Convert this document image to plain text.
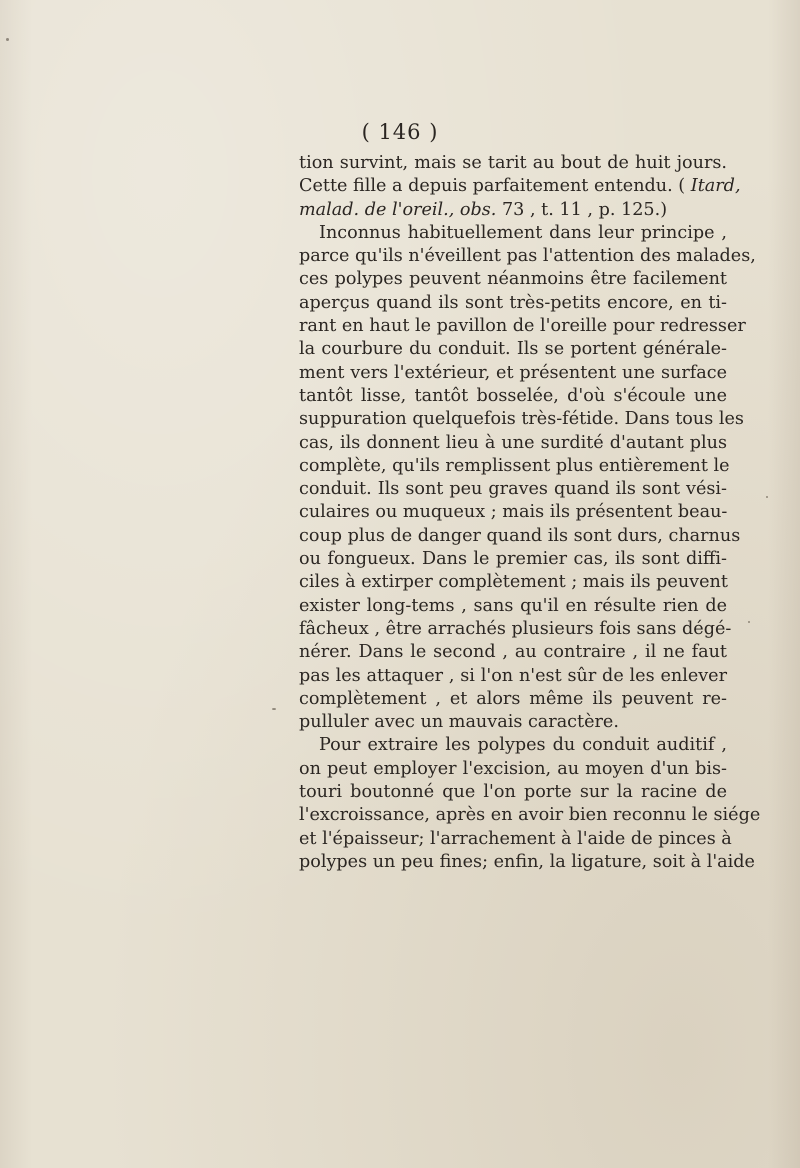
( 146 )
tion survint, mais se tarit au bout de huit jours.
Cette fille a depuis parfaitement entendu. ( Itard,
malad. de l'oreil., obs. 73 , t. 11 , p. 125.)
Inconnus habituellement dans leur principe ,
parce qu'ils n'éveillent pas l'attention des malades,
ces polypes peuvent néanmoins être facilement
aperçus quand ils sont très-petits encore, en ti-
rant en haut le pavillon de l'oreille pour redresser
la courbure du conduit. Ils se portent générale-
ment vers l'extérieur, et présentent une surface
tantôt lisse, tantôt bosselée, d'où s'écoule une
suppuration quelquefois très-fétide. Dans tous les
cas, ils donnent lieu à une surdité d'autant plus
complète, qu'ils remplissent plus entièrement le
conduit. Ils sont peu graves quand ils sont vési-
culaires ou muqueux ; mais ils présentent beau-
coup plus de danger quand ils sont durs, charnus
ou fongueux. Dans le premier cas, ils sont diffi-
ciles à extirper complètement ; mais ils peuvent
exister long-tems , sans qu'il en résulte rien de
fâcheux , être arrachés plusieurs fois sans dégé-
nérer. Dans le second , au contraire , il ne faut
pas les attaquer , si l'on n'est sûr de les enlever
complètement , et alors même ils peuvent re-
pulluler avec un mauvais caractère.
Pour extraire les polypes du conduit auditif ,
on peut employer l'excision, au moyen d'un bis-
touri boutonné que l'on porte sur la racine de
l'excroissance, après en avoir bien reconnu le siége
et l'épaisseur; l'arrachement à l'aide de pinces à
polypes un peu fines; enfin, la ligature, soit à l'aide
